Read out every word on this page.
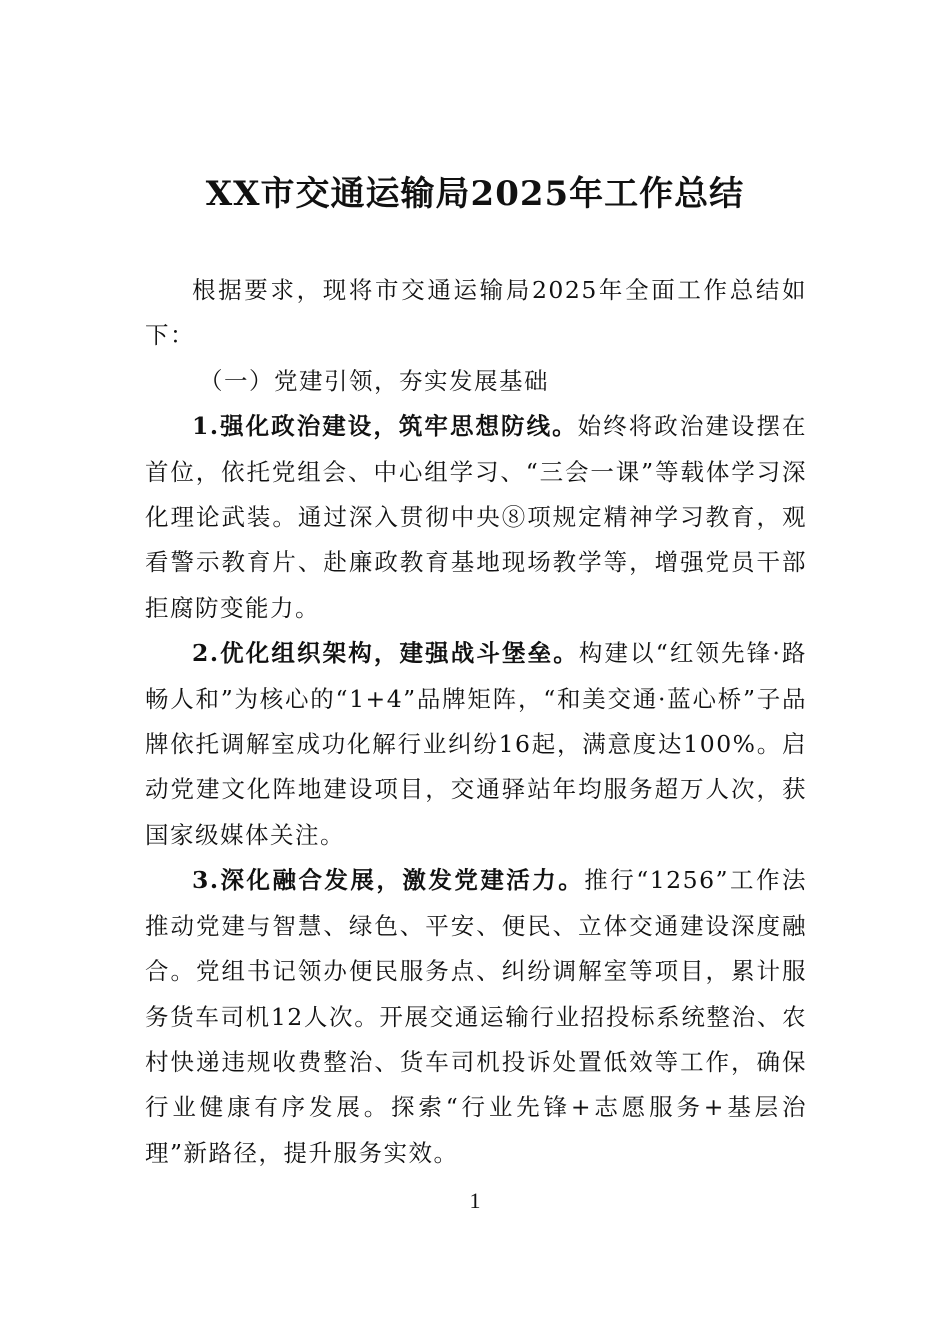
XX市交通运输局2025年工作总结

根据要求，现将市交通运输局2025年全面工作总结如下：

（一）党建引领，夯实发展基础

1.强化政治建设，筑牢思想防线。始终将政治建设摆在首位，依托党组会、中心组学习、“三会一课”等载体学习深化理论武装。通过深入贯彻中央⑧项规定精神学习教育，观看警示教育片、赴廉政教育基地现场教学等，增强党员干部拒腐防变能力。

2.优化组织架构，建强战斗堡垒。构建以“红领先锋·路畅人和”为核心的“1+4”品牌矩阵，“和美交通·蓝心桥”子品牌依托调解室成功化解行业纠纷16起，满意度达100%。启动党建文化阵地建设项目，交通驿站年均服务超万人次，获国家级媒体关注。

3.深化融合发展，激发党建活力。推行“1256”工作法推动党建与智慧、绿色、平安、便民、立体交通建设深度融合。党组书记领办便民服务点、纠纷调解室等项目，累计服务货车司机12人次。开展交通运输行业招投标系统整治、农村快递违规收费整治、货车司机投诉处置低效等工作，确保行业健康有序发展。探索“行业先锋+志愿服务+基层治理”新路径，提升服务实效。

1
